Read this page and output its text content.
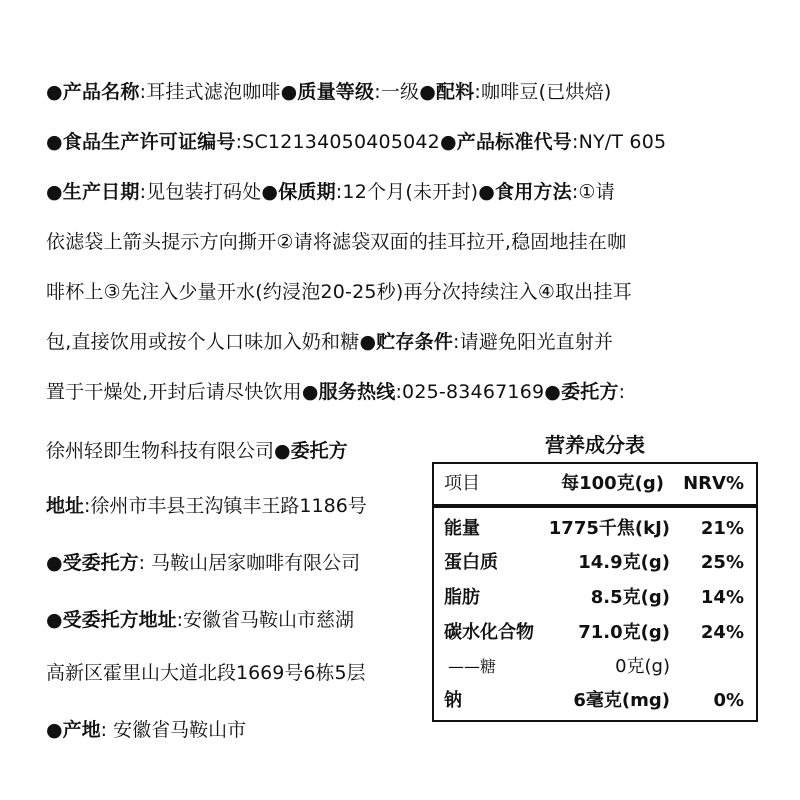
●产品名称:耳挂式滤泡咖啡●质量等级:一级●配料:咖啡豆(已烘焙)
●食品生产许可证编号:SC12134050405042●产品标准代号:NY/T 605
●生产日期:见包装打码处●保质期:12个月(未开封)●食用方法:①请
依滤袋上箭头提示方向撕开②请将滤袋双面的挂耳拉开,稳固地挂在咖
啡杯上③先注入少量开水(约浸泡20-25秒)再分次持续注入④取出挂耳
包,直接饮用或按个人口味加入奶和糖●贮存条件:请避免阳光直射并
置于干燥处,开封后请尽快饮用●服务热线:025-83467169●委托方:
徐州轻即生物科技有限公司●委托方
地址:徐州市丰县王沟镇丰王路1186号
●受委托方: 马鞍山居家咖啡有限公司
●受委托方地址:安徽省马鞍山市慈湖
高新区霍里山大道北段1669号6栋5层
●产地: 安徽省马鞍山市
营养成分表
项目	每100克(g) NRV%
能量	1775千焦(kJ) 21%
蛋白质	14.9克(g) 25%
脂肪	8.5克(g) 14%
碳水化合物 71.0克(g) 24%
——糖	0克(g)
钠	6毫克(mg) 0%
